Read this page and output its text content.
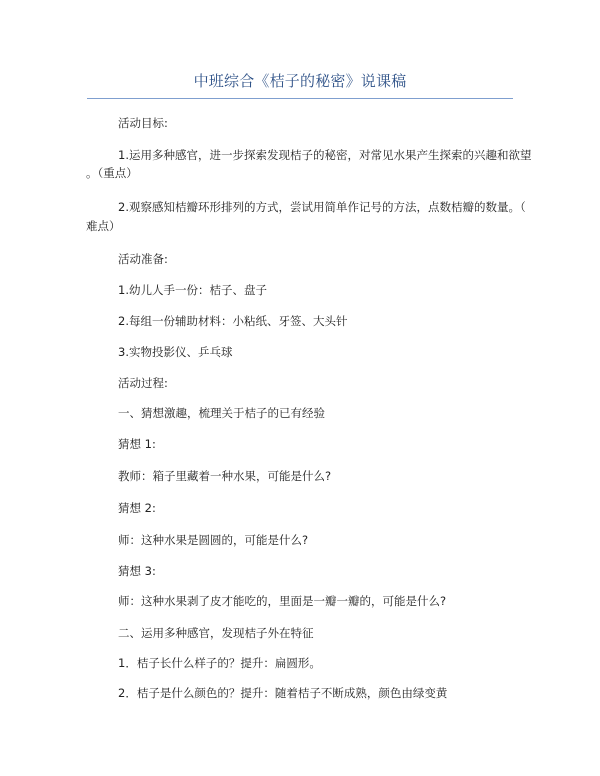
中班综合《桔子的秘密》说课稿
活动目标:
1.运用多种感官，进一步探索发现桔子的秘密，对常见水果产生探索的兴趣和欲望
。（重点）
2.观察感知桔瓣环形排列的方式，尝试用简单作记号的方法，点数桔瓣的数量。（
难点）
活动准备:
1.幼儿人手一份：桔子、盘子
2.每组一份辅助材料：小粘纸、牙签、大头针
3.实物投影仪、乒乓球
活动过程:
一、猜想激趣，梳理关于桔子的已有经验
猜想 1:
教师：箱子里藏着一种水果，可能是什么?
猜想 2:
师：这种水果是圆圆的，可能是什么?
猜想 3:
师：这种水果剥了皮才能吃的，里面是一瓣一瓣的，可能是什么?
二、运用多种感官，发现桔子外在特征
1．桔子长什么样子的？提升：扁圆形。
2．桔子是什么颜色的？提升：随着桔子不断成熟，颜色由绿变黄
